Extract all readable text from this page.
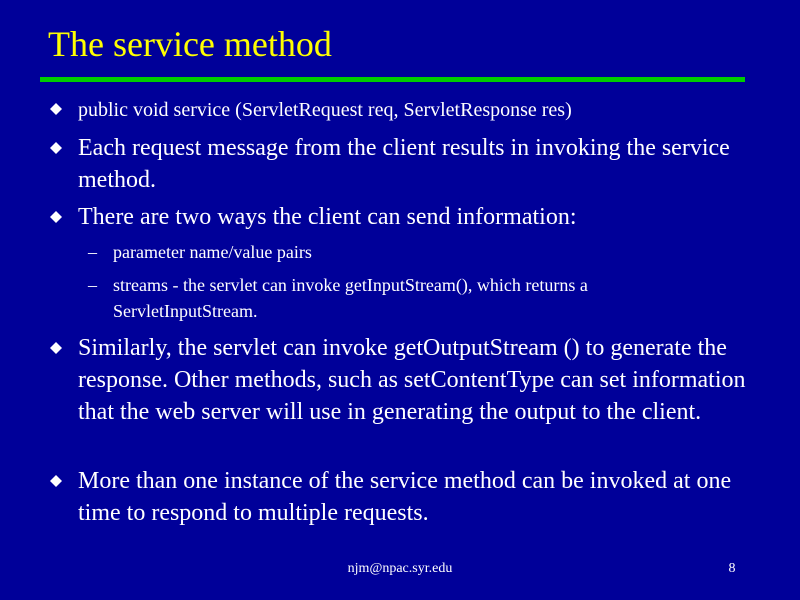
The service method
public void service (ServletRequest req, ServletResponse res)
Each request message from the client results in invoking the service method.
There are two ways the client can send information:
– parameter name/value pairs
– streams - the servlet can invoke getInputStream(), which returns a ServletInputStream.
Similarly, the servlet can invoke getOutputStream () to generate the response. Other methods, such as setContentType can set information that the web server will use in generating the output to the client.
More than one instance of the service method can be invoked at one time to respond to multiple requests.
njm@npac.syr.edu	8
